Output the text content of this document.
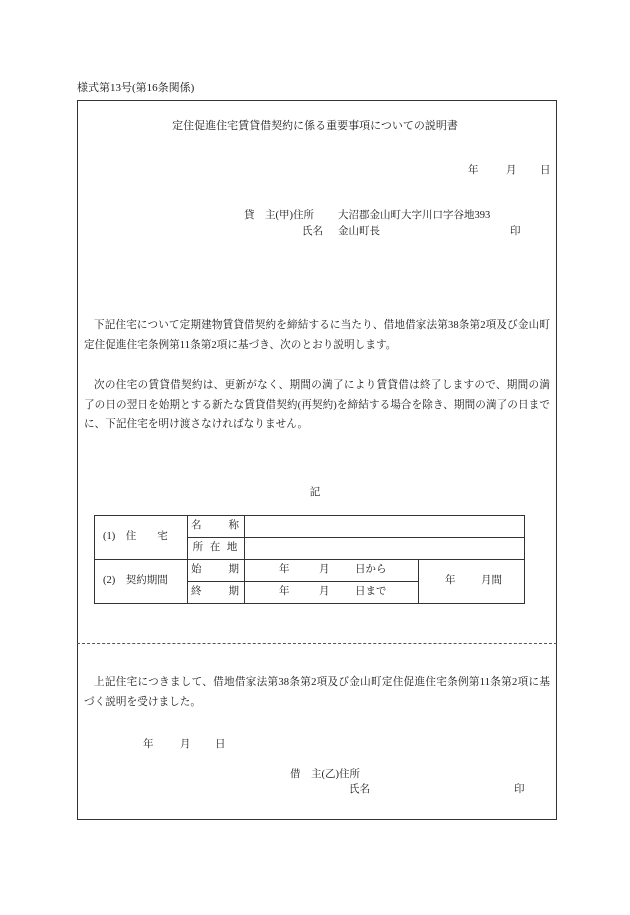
様式第13号(第16条関係)
定住促進住宅賃貸借契約に係る重要事項についての説明書
年	月 日
貸　主(甲)住所 大沼郡金山町大字川口字谷地393
氏名 金山町長	印
下記住宅について定期建物賃貸借契約を締結するに当たり、借地借家法第38条第2項及び金山町定住促進住宅条例第11条第2項に基づき、次のとおり説明します。
次の住宅の賃貸借契約は、更新がなく、期間の満了により賃貸借は終了しますので、期間の満了の日の翌日を始期とする新たな賃貸借契約(再契約)を締結する場合を除き、期間の満了の日までに、下記住宅を明け渡さなければなりません。
記
(1)　住　　宅	名　　称		
	所 在 地		
(2)　契約期間	始　　期	年 月 日から	年 月間

	終　　期	年 月 日まで	
上記住宅につきまして、借地借家法第38条第2項及び金山町定住促進住宅条例第11条第2項に基づく説明を受けました。
年	月 日
借　主(乙)住所
氏名	印
